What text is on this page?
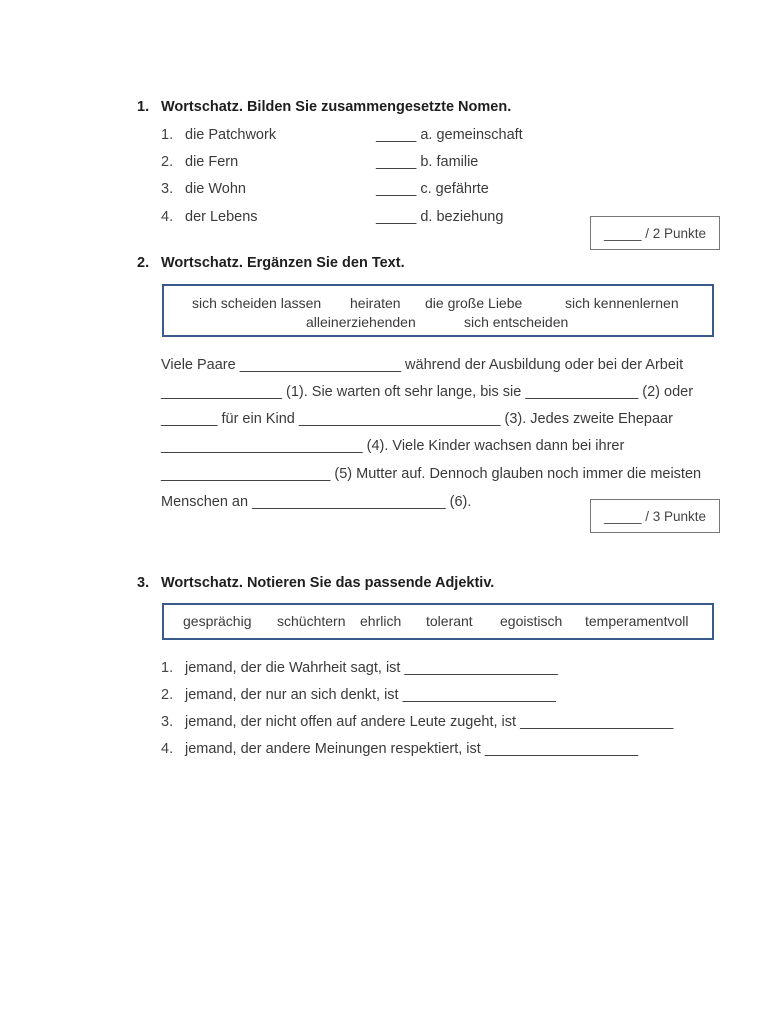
1. Wortschatz. Bilden Sie zusammengesetzte Nomen.
1. die Patchwork	_____ a. gemeinschaft
2. die Fern	_____ b. familie
3. die Wohn	_____ c. gefährte
4. der Lebens	_____ d. beziehung
_____ / 2 Punkte
2. Wortschatz. Ergänzen Sie den Text.
sich scheiden lassen heiraten die große Liebe	sich kennenlernen
alleinerziehenden	sich entscheiden
Viele Paare ____________________ während der Ausbildung oder bei der Arbeit
_______________ (1). Sie warten oft sehr lange, bis sie ______________ (2) oder
_______ für ein Kind _________________________ (3). Jedes zweite Ehepaar
_________________________ (4). Viele Kinder wachsen dann bei ihrer
_____________________ (5) Mutter auf. Dennoch glauben noch immer die meisten
Menschen an ________________________ (6).
_____ / 3 Punkte
3. Wortschatz. Notieren Sie das passende Adjektiv.
gesprächig schüchtern ehrlich tolerant egoistisch temperamentvoll
1. jemand, der die Wahrheit sagt, ist ___________________
2. jemand, der nur an sich denkt, ist ___________________
3. jemand, der nicht offen auf andere Leute zugeht, ist ___________________
4. jemand, der andere Meinungen respektiert, ist ___________________
